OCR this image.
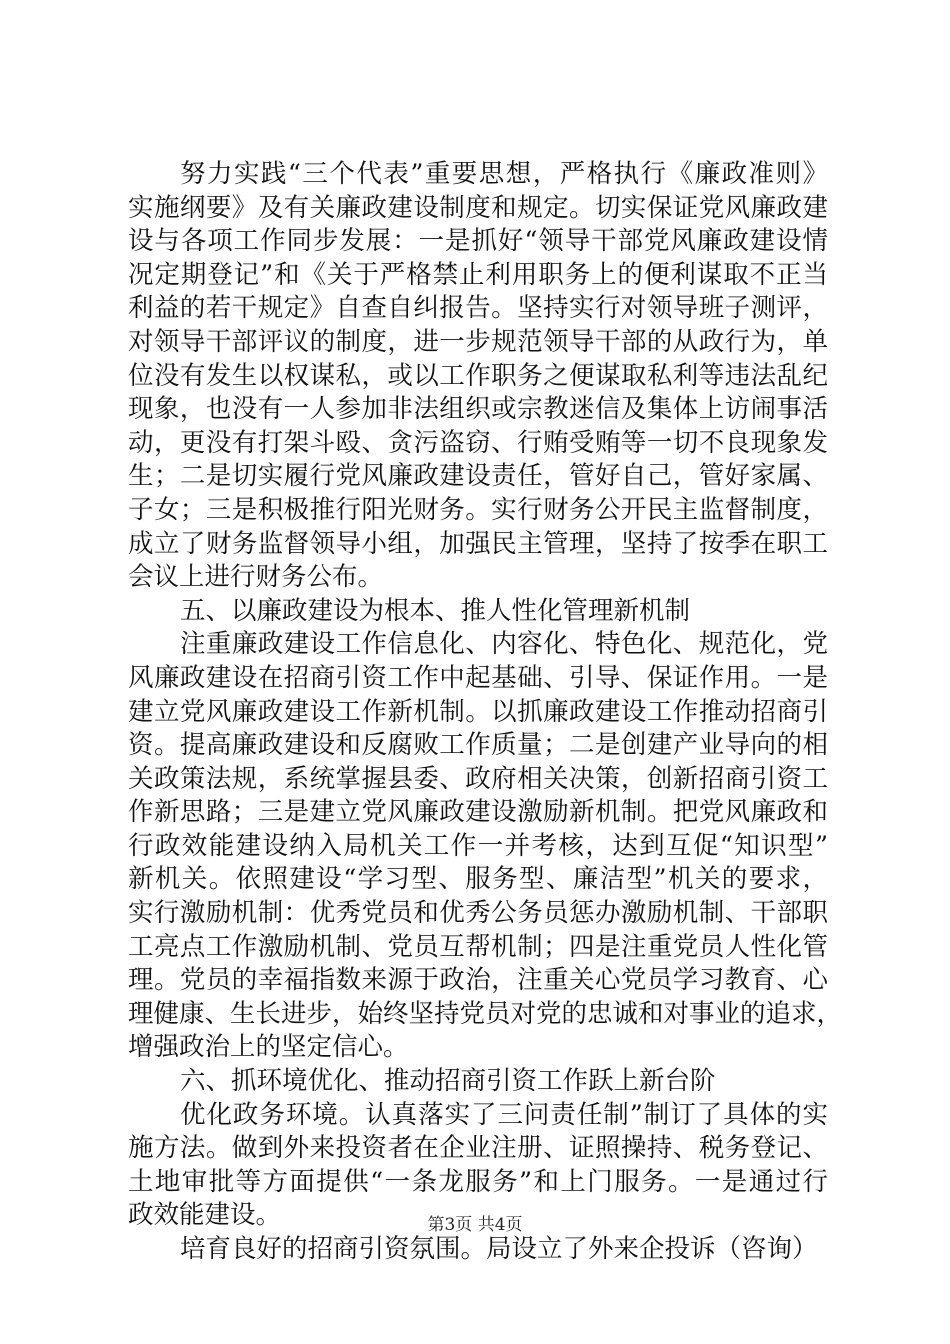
努力实践“三个代表”重要思想，严格执行《廉政准则》
实施纲要》及有关廉政建设制度和规定。切实保证党风廉政建
设与各项工作同步发展：一是抓好“领导干部党风廉政建设情
况定期登记”和《关于严格禁止利用职务上的便利谋取不正当
利益的若干规定》自查自纠报告。坚持实行对领导班子测评，
对领导干部评议的制度，进一步规范领导干部的从政行为，单
位没有发生以权谋私，或以工作职务之便谋取私利等违法乱纪
现象，也没有一人参加非法组织或宗教迷信及集体上访闹事活
动，更没有打架斗殴、贪污盗窃、行贿受贿等一切不良现象发
生；二是切实履行党风廉政建设责任，管好自己，管好家属、
子女；三是积极推行阳光财务。实行财务公开民主监督制度，
成立了财务监督领导小组，加强民主管理，坚持了按季在职工
会议上进行财务公布。
五、以廉政建设为根本、推人性化管理新机制
注重廉政建设工作信息化、内容化、特色化、规范化，党
风廉政建设在招商引资工作中起基础、引导、保证作用。一是
建立党风廉政建设工作新机制。以抓廉政建设工作推动招商引
资。提高廉政建设和反腐败工作质量；二是创建产业导向的相
关政策法规，系统掌握县委、政府相关决策，创新招商引资工
作新思路；三是建立党风廉政建设激励新机制。把党风廉政和
行政效能建设纳入局机关工作一并考核，达到互促“知识型”
新机关。依照建设“学习型、服务型、廉洁型”机关的要求，
实行激励机制：优秀党员和优秀公务员惩办激励机制、干部职
工亮点工作激励机制、党员互帮机制；四是注重党员人性化管
理。党员的幸福指数来源于政治，注重关心党员学习教育、心
理健康、生长进步，始终坚持党员对党的忠诚和对事业的追求，
增强政治上的坚定信心。
六、抓环境优化、推动招商引资工作跃上新台阶
优化政务环境。认真落实了三问责任制”制订了具体的实
施方法。做到外来投资者在企业注册、证照操持、税务登记、
土地审批等方面提供“一条龙服务”和上门服务。一是通过行
政效能建设。
培育良好的招商引资氛围。局设立了外来企投诉（咨询）
第3页 共4页
